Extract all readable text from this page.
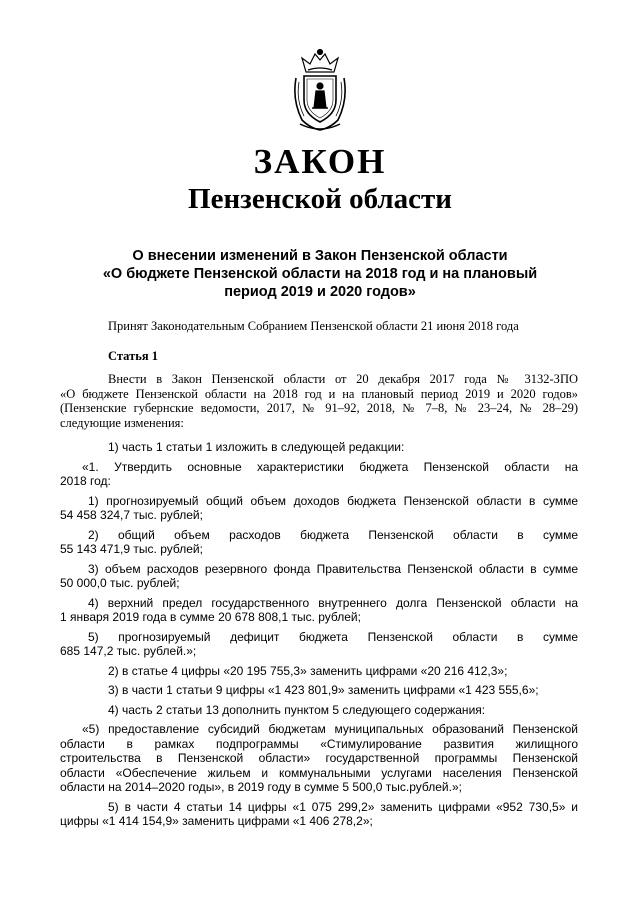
ЗАКОН
Пензенской области
О внесении изменений в Закон Пензенской области
«О бюджете Пензенской области на 2018 год и на плановый
период 2019 и 2020 годов»

Принят Законодательным Собранием Пензенской области 21 июня 2018 года

Статья 1

Внести в Закон Пензенской области от 20 декабря 2017 года № 3132-ЗПО

«О бюджете Пензенской области на 2018 год и на плановый период 2019 и 2020 годов»

(Пензенские губернские ведомости, 2017, № 91–92, 2018, № 7–8, № 23–24, № 28–29)

следующие изменения:

1) часть 1 статьи 1 изложить в следующей редакции:

«1. Утвердить основные характеристики бюджета Пензенской области на

2018 год:

1) прогнозируемый общий объем доходов бюджета Пензенской области в сумме

54 458 324,7 тыс. рублей;

2) общий объем расходов бюджета Пензенской области в сумме

55 143 471,9 тыс. рублей;

3) объем расходов резервного фонда Правительства Пензенской области в сумме

50 000,0 тыс. рублей;

4) верхний предел государственного внутреннего долга Пензенской области на

1 января 2019 года в сумме 20 678 808,1 тыс. рублей;

5) прогнозируемый дефицит бюджета Пензенской области в сумме

685 147,2 тыс. рублей.»;

2) в статье 4 цифры «20 195 755,3» заменить цифрами «20 216 412,3»;

3) в части 1 статьи 9 цифры «1 423 801,9» заменить цифрами «1 423 555,6»;

4) часть 2 статьи 13 дополнить пунктом 5 следующего содержания:

«5) предоставление субсидий бюджетам муниципальных образований Пензенской

области в рамках подпрограммы «Стимулирование развития жилищного

строительства в Пензенской области» государственной программы Пензенской

области «Обеспечение жильем и коммунальными услугами населения Пензенской

области на 2014–2020 годы», в 2019 году в сумме 5 500,0 тыс.рублей.»;

5) в части 4 статьи 14 цифры «1 075 299,2» заменить цифрами «952 730,5» и

цифры «1 414 154,9» заменить цифрами «1 406 278,2»;
